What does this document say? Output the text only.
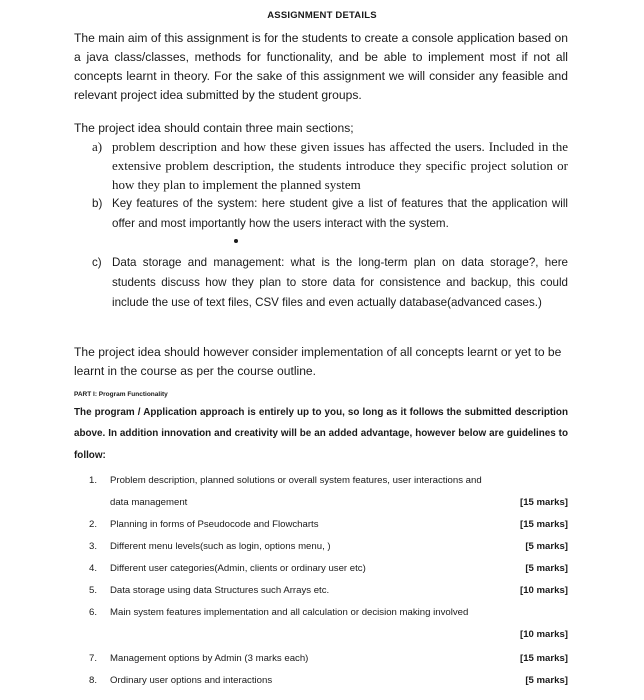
ASSIGNMENT DETAILS

The main aim of this assignment is for the students to create a console application based on a java class/classes, methods for functionality, and be able to implement most if not all concepts learnt in theory. For the sake of this assignment we will consider any feasible and relevant project idea submitted by the student groups.

The project idea should contain three main sections;

a) problem description and how these given issues has affected the users. Included in the extensive problem description, the students introduce they specific project solution or how they plan to implement the planned system
b) Key features of the system: here student give a list of features that the application will offer and most importantly how the users interact with the system.
c) Data storage and management: what is the long-term plan on data storage?, here students discuss how they plan to store data for consistence and backup, this could include the use of text files, CSV files and even actually database(advanced cases.)

The project idea should however consider implementation of all concepts learnt or yet to be learnt in the course as per the course outline.

PART I: Program Functionality

The program / Application approach is entirely up to you, so long as it follows the submitted description above. In addition innovation and creativity will be an added advantage, however below are guidelines to follow:

1. Problem description, planned solutions or overall system features, user interactions and
data management	[15 marks]
2. Planning in forms of Pseudocode and Flowcharts	[15 marks]
3. Different menu levels(such as login, options menu, )	[5 marks]
4. Different user categories(Admin, clients or ordinary user etc)	[5 marks]
5. Data storage using data Structures such Arrays etc.	[10 marks]
6. Main system features implementation and all calculation or decision making involved
[10 marks]
7. Management options by Admin (3 marks each)	[15 marks]
8. Ordinary user options and interactions	[5 marks]
